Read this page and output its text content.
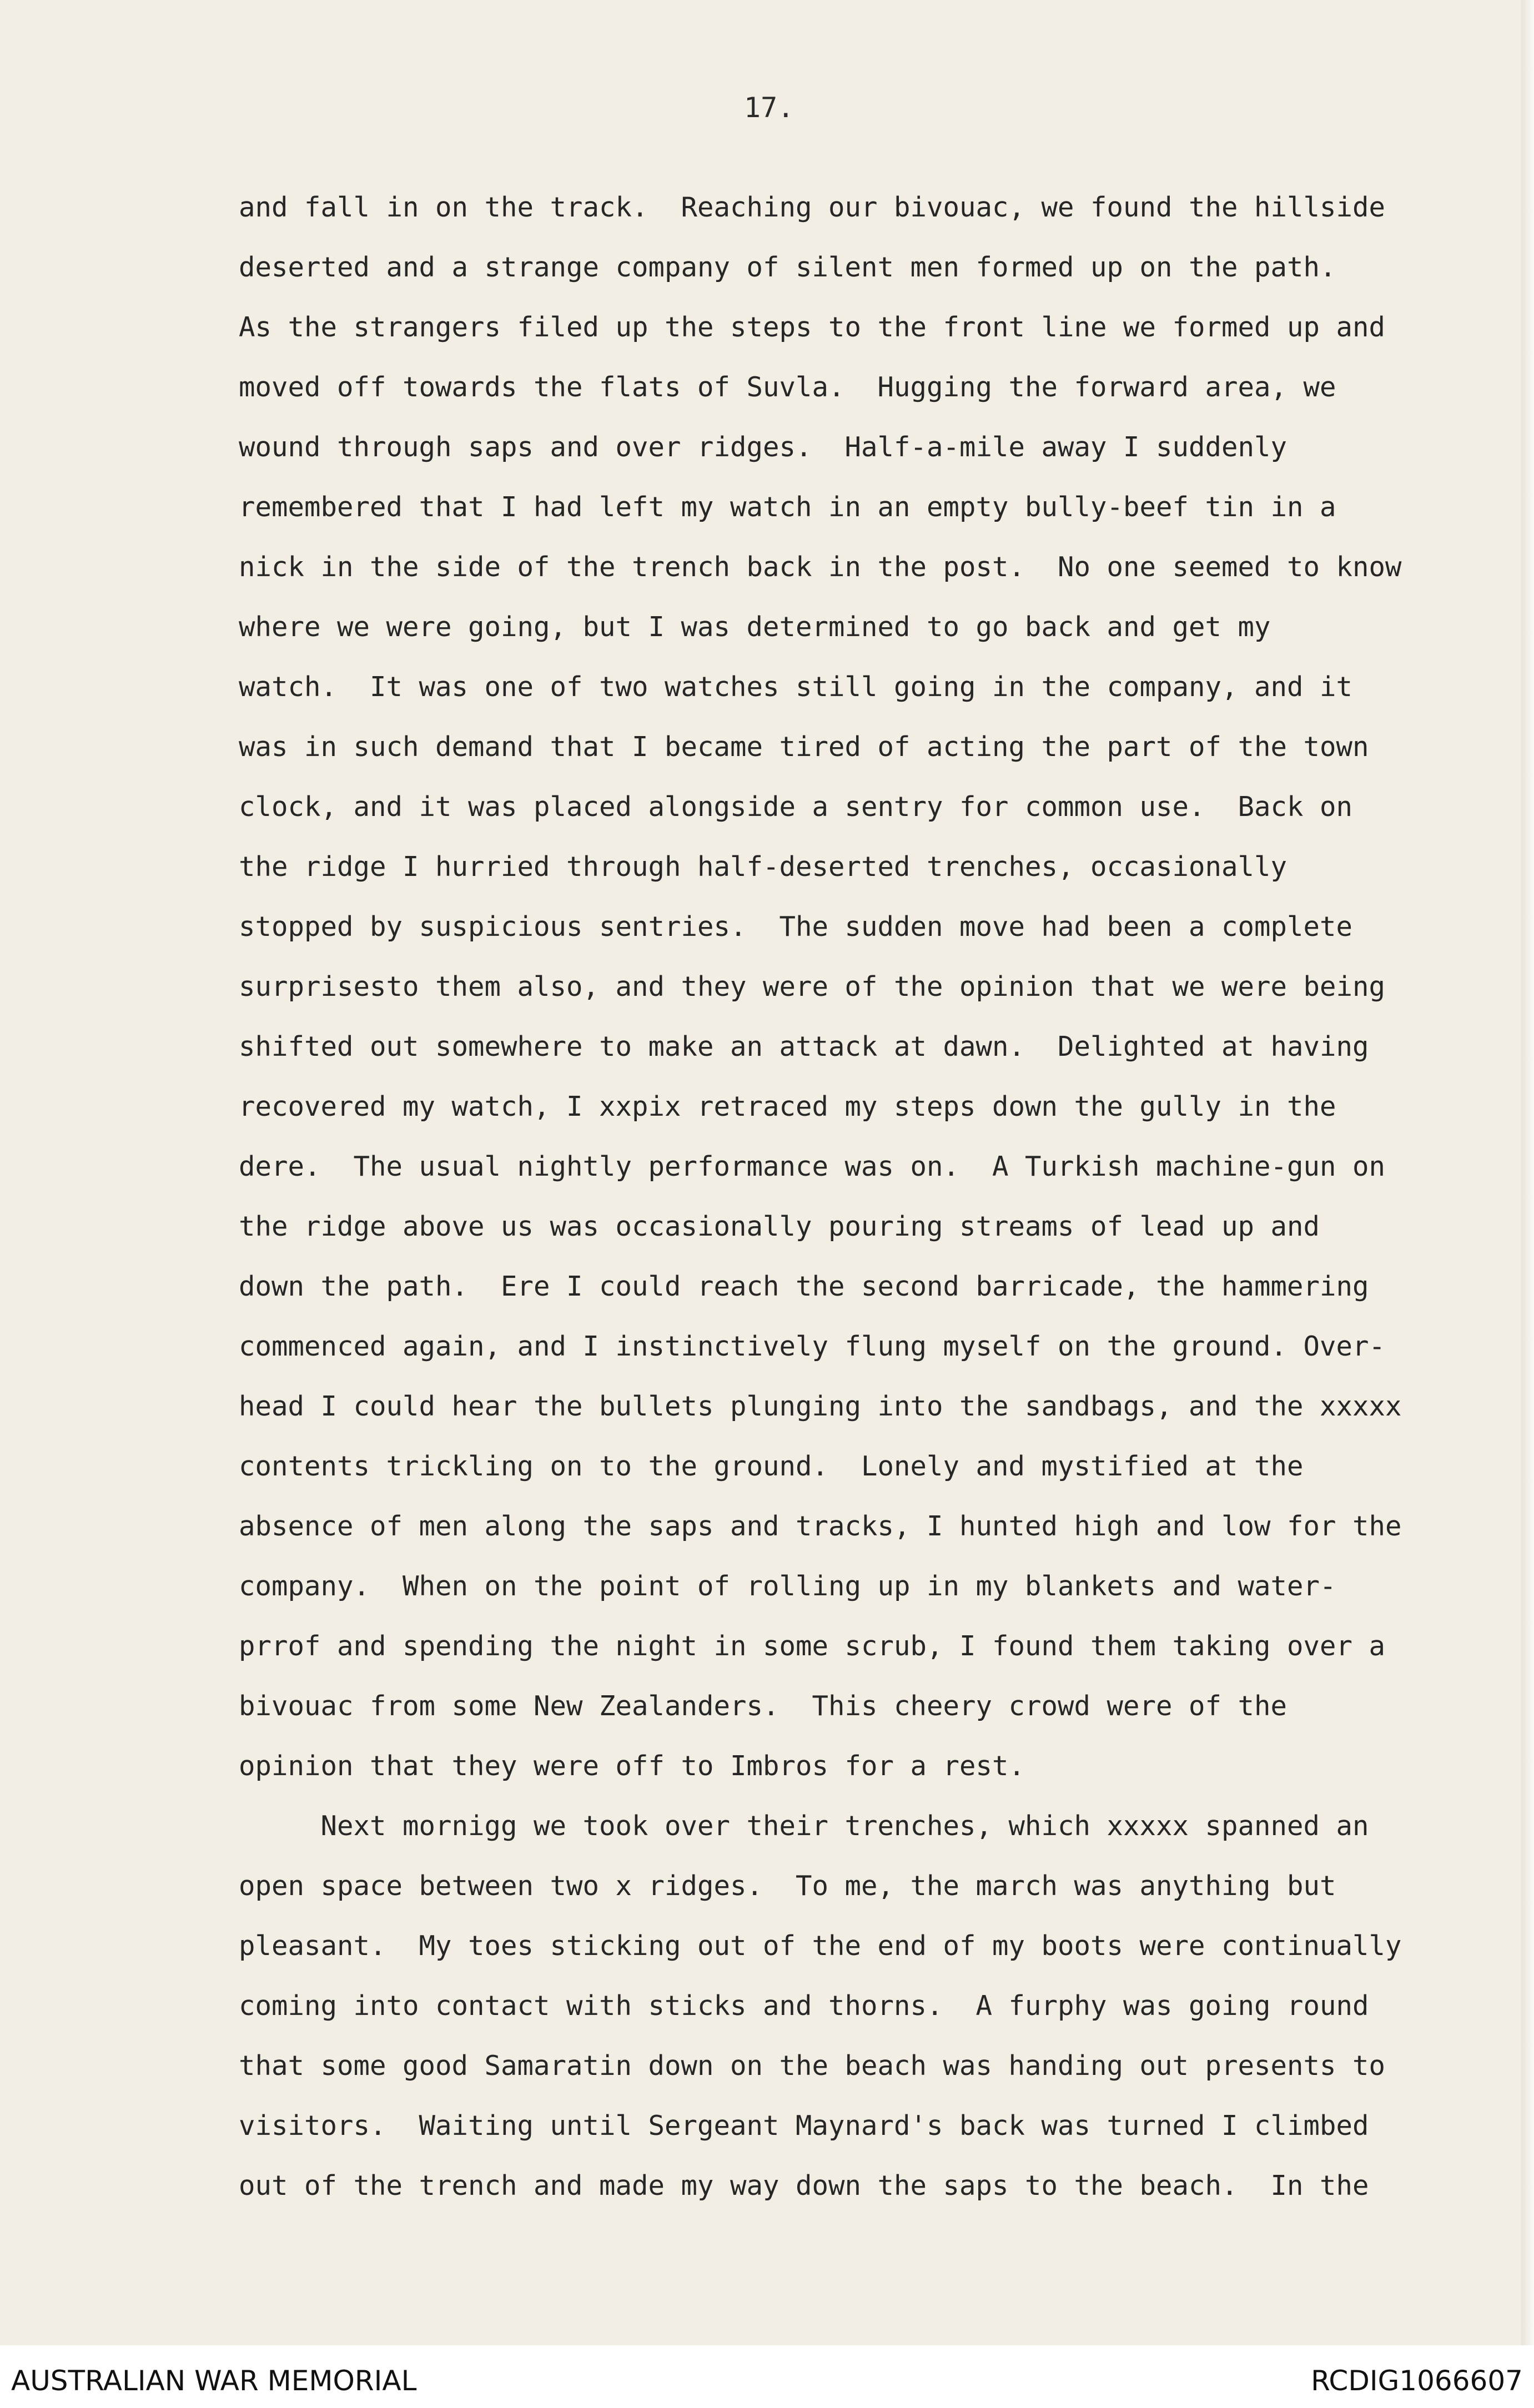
17.

and fall in on the track.  Reaching our bivouac, we found the hillside
deserted and a strange company of silent men formed up on the path.
As the strangers filed up the steps to the front line we formed up and
moved off towards the flats of Suvla.  Hugging the forward area, we
wound through saps and over ridges.  Half-a-mile away I suddenly
remembered that I had left my watch in an empty bully-beef tin in a
nick in the side of the trench back in the post.  No one seemed to know
where we were going, but I was determined to go back and get my
watch.  It was one of two watches still going in the company, and it
was in such demand that I became tired of acting the part of the town
clock, and it was placed alongside a sentry for common use.  Back on
the ridge I hurried through half-deserted trenches, occasionally
stopped by suspicious sentries.  The sudden move had been a complete
surprisesto them also, and they were of the opinion that we were being
shifted out somewhere to make an attack at dawn.  Delighted at having
recovered my watch, I xxpix retraced my steps down the gully in the
dere.  The usual nightly performance was on.  A Turkish machine-gun on
the ridge above us was occasionally pouring streams of lead up and
down the path.  Ere I could reach the second barricade, the hammering
commenced again, and I instinctively flung myself on the ground. Over-
head I could hear the bullets plunging into the sandbags, and the xxxxx
contents trickling on to the ground.  Lonely and mystified at the
absence of men along the saps and tracks, I hunted high and low for the
company.  When on the point of rolling up in my blankets and water-
prrof and spending the night in some scrub, I found them taking over a
bivouac from some New Zealanders.  This cheery crowd were of the
opinion that they were off to Imbros for a rest.
Next mornigg we took over their trenches, which xxxxx spanned an
open space between two x ridges.  To me, the march was anything but
pleasant.  My toes sticking out of the end of my boots were continually
coming into contact with sticks and thorns.  A furphy was going round
that some good Samaratin down on the beach was handing out presents to
visitors.  Waiting until Sergeant Maynard's back was turned I climbed
out of the trench and made my way down the saps to the beach.  In the

AUSTRALIAN WAR MEMORIAL	RCDIG1066607
